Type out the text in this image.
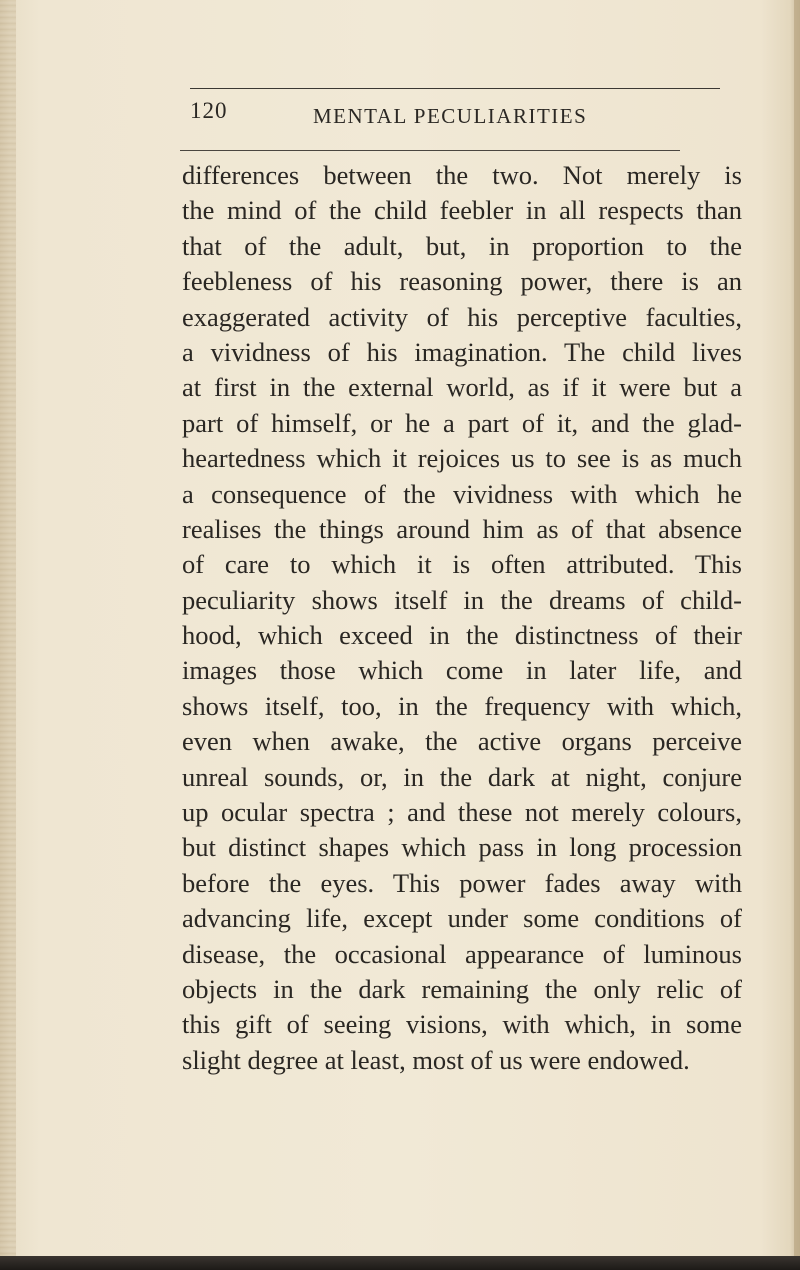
120	MENTAL PECULIARITIES
differences between the two. Not merely is
the mind of the child feebler in all respects than
that of the adult, but, in proportion to the
feebleness of his reasoning power, there is an
exaggerated activity of his perceptive faculties,
a vividness of his imagination. The child lives
at first in the external world, as if it were but a
part of himself, or he a part of it, and the glad-
heartedness which it rejoices us to see is as much
a consequence of the vividness with which he
realises the things around him as of that absence
of care to which it is often attributed. This
peculiarity shows itself in the dreams of child-
hood, which exceed in the distinctness of their
images those which come in later life, and
shows itself, too, in the frequency with which,
even when awake, the active organs perceive
unreal sounds, or, in the dark at night, conjure
up ocular spectra ; and these not merely colours,
but distinct shapes which pass in long procession
before the eyes. This power fades away with
advancing life, except under some conditions of
disease, the occasional appearance of luminous
objects in the dark remaining the only relic of
this gift of seeing visions, with which, in some
slight degree at least, most of us were endowed.
